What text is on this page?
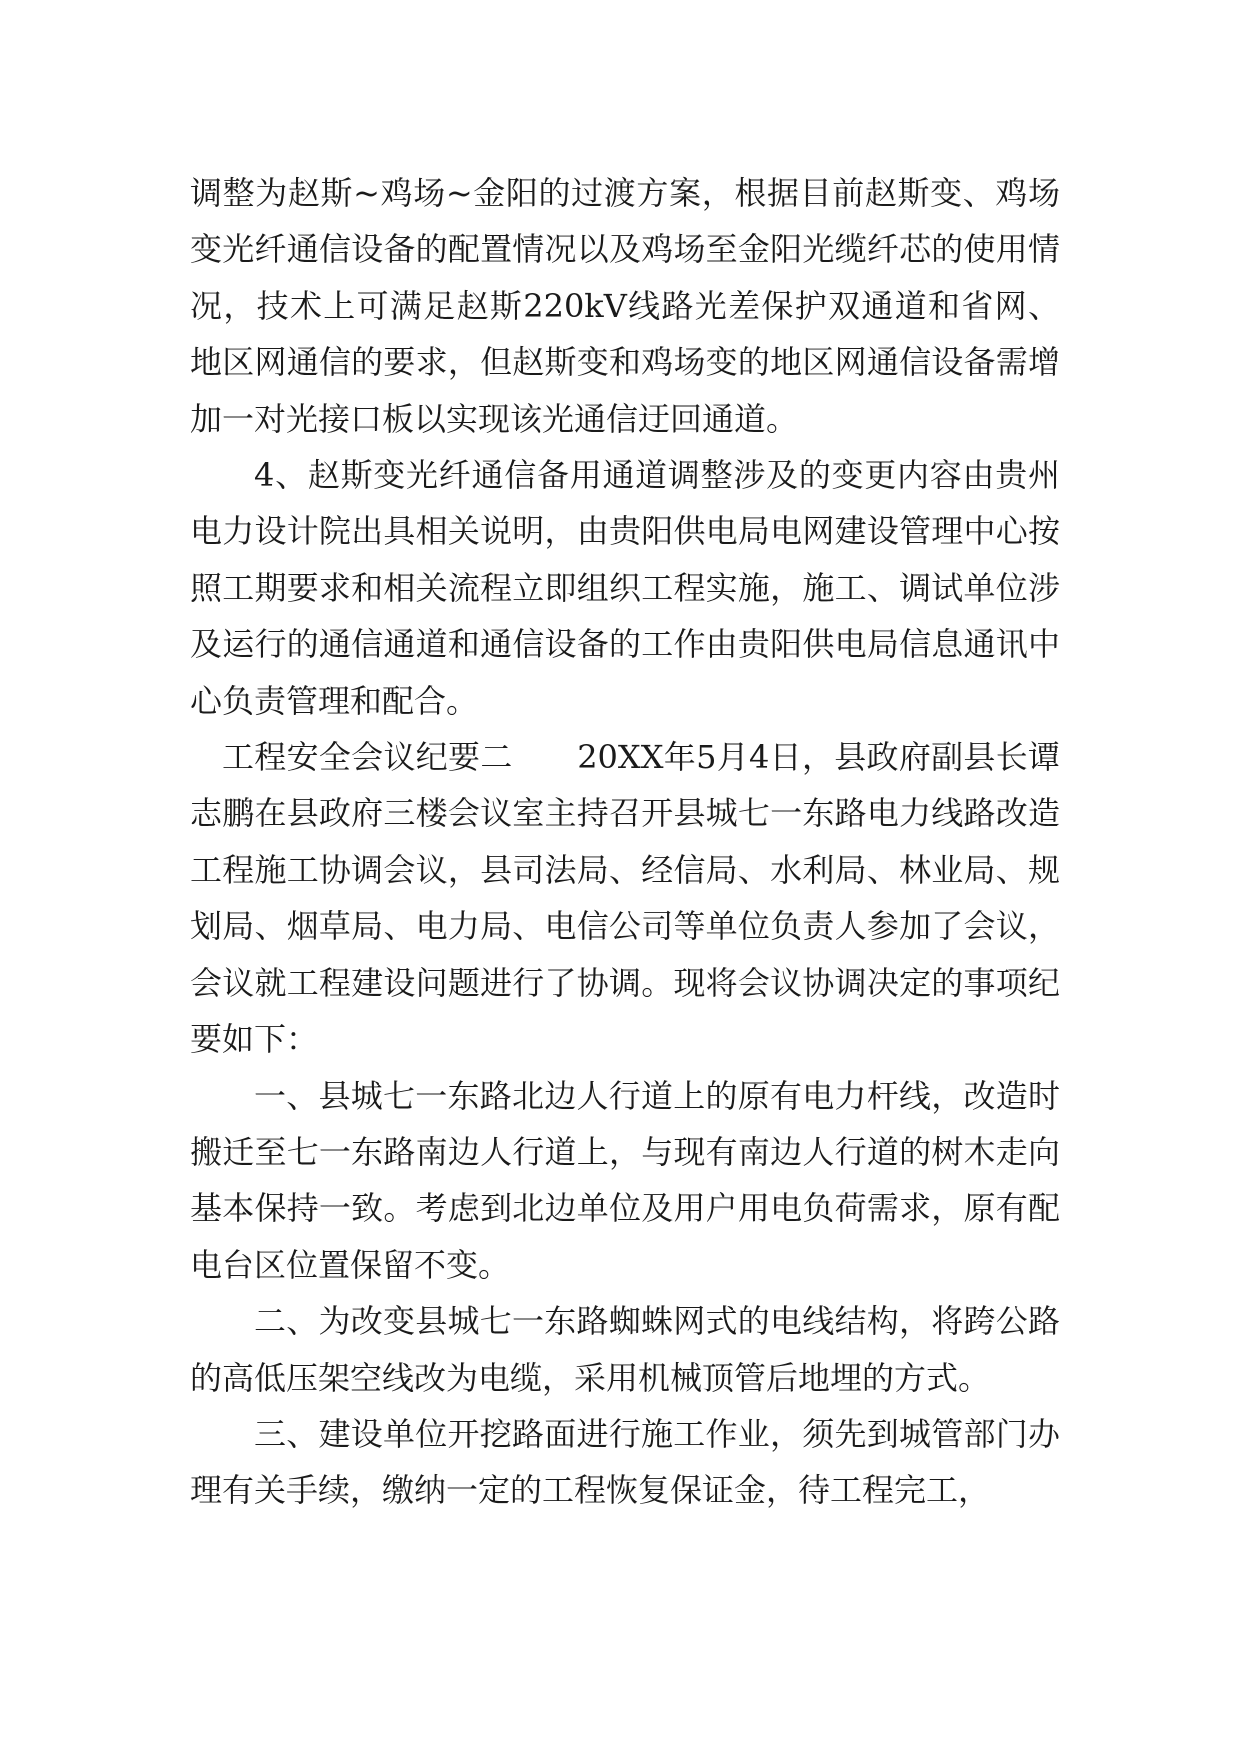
调整为赵斯~鸡场~金阳的过渡方案，根据目前赵斯变、鸡场变光纤通信设备的配置情况以及鸡场至金阳光缆纤芯的使用情况，技术上可满足赵斯220kV线路光差保护双通道和省网、地区网通信的要求，但赵斯变和鸡场变的地区网通信设备需增加一对光接口板以实现该光通信迂回通道。

4、赵斯变光纤通信备用通道调整涉及的变更内容由贵州电力设计院出具相关说明，由贵阳供电局电网建设管理中心按照工期要求和相关流程立即组织工程实施，施工、调试单位涉及运行的通信通道和通信设备的工作由贵阳供电局信息通讯中心负责管理和配合。

工程安全会议纪要二　　20XX年5月4日，县政府副县长谭志鹏在县政府三楼会议室主持召开县城七一东路电力线路改造工程施工协调会议，县司法局、经信局、水利局、林业局、规划局、烟草局、电力局、电信公司等单位负责人参加了会议，会议就工程建设问题进行了协调。现将会议协调决定的事项纪要如下：

一、县城七一东路北边人行道上的原有电力杆线，改造时搬迁至七一东路南边人行道上，与现有南边人行道的树木走向基本保持一致。考虑到北边单位及用户用电负荷需求，原有配电台区位置保留不变。

二、为改变县城七一东路蜘蛛网式的电线结构，将跨公路的高低压架空线改为电缆，采用机械顶管后地埋的方式。

三、建设单位开挖路面进行施工作业，须先到城管部门办理有关手续，缴纳一定的工程恢复保证金，待工程完工，
